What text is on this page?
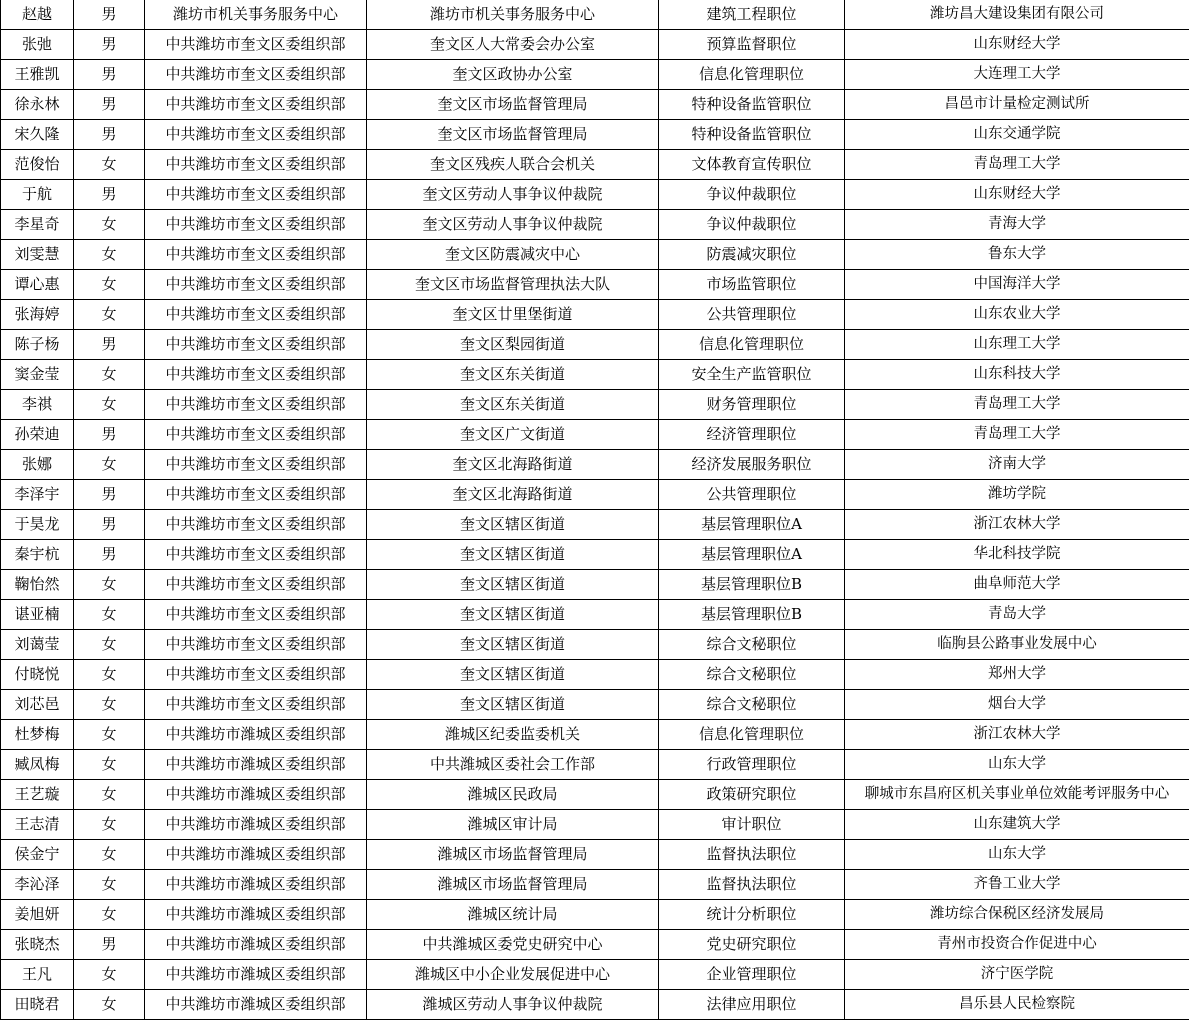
赵越	男	潍坊市机关事务服务中心	潍坊市机关事务服务中心	建筑工程职位	潍坊昌大建设集团有限公司
张弛	男	中共潍坊市奎文区委组织部	奎文区人大常委会办公室	预算监督职位	山东财经大学
王雅凯	男	中共潍坊市奎文区委组织部	奎文区政协办公室	信息化管理职位	大连理工大学
徐永林	男	中共潍坊市奎文区委组织部	奎文区市场监督管理局	特种设备监管职位	昌邑市计量检定测试所
宋久隆	男	中共潍坊市奎文区委组织部	奎文区市场监督管理局	特种设备监管职位	山东交通学院
范俊怡	女	中共潍坊市奎文区委组织部	奎文区残疾人联合会机关	文体教育宣传职位	青岛理工大学
于航	男	中共潍坊市奎文区委组织部	奎文区劳动人事争议仲裁院	争议仲裁职位	山东财经大学
李星奇	女	中共潍坊市奎文区委组织部	奎文区劳动人事争议仲裁院	争议仲裁职位	青海大学
刘雯慧	女	中共潍坊市奎文区委组织部	奎文区防震减灾中心	防震减灾职位	鲁东大学
谭心惠	女	中共潍坊市奎文区委组织部	奎文区市场监督管理执法大队	市场监管职位	中国海洋大学
张海婷	女	中共潍坊市奎文区委组织部	奎文区廿里堡街道	公共管理职位	山东农业大学
陈子杨	男	中共潍坊市奎文区委组织部	奎文区梨园街道	信息化管理职位	山东理工大学
窦金莹	女	中共潍坊市奎文区委组织部	奎文区东关街道	安全生产监管职位	山东科技大学
李祺	女	中共潍坊市奎文区委组织部	奎文区东关街道	财务管理职位	青岛理工大学
孙荣迪	男	中共潍坊市奎文区委组织部	奎文区广文街道	经济管理职位	青岛理工大学
张娜	女	中共潍坊市奎文区委组织部	奎文区北海路街道	经济发展服务职位	济南大学
李泽宇	男	中共潍坊市奎文区委组织部	奎文区北海路街道	公共管理职位	潍坊学院
于昊龙	男	中共潍坊市奎文区委组织部	奎文区辖区街道	基层管理职位A	浙江农林大学
秦宇杭	男	中共潍坊市奎文区委组织部	奎文区辖区街道	基层管理职位A	华北科技学院
鞠怡然	女	中共潍坊市奎文区委组织部	奎文区辖区街道	基层管理职位B	曲阜师范大学
谌亚楠	女	中共潍坊市奎文区委组织部	奎文区辖区街道	基层管理职位B	青岛大学
刘蔼莹	女	中共潍坊市奎文区委组织部	奎文区辖区街道	综合文秘职位	临朐县公路事业发展中心
付晓悦	女	中共潍坊市奎文区委组织部	奎文区辖区街道	综合文秘职位	郑州大学
刘芯邑	女	中共潍坊市奎文区委组织部	奎文区辖区街道	综合文秘职位	烟台大学
杜梦梅	女	中共潍坊市潍城区委组织部	潍城区纪委监委机关	信息化管理职位	浙江农林大学
臧凤梅	女	中共潍坊市潍城区委组织部	中共潍城区委社会工作部	行政管理职位	山东大学
王艺璇	女	中共潍坊市潍城区委组织部	潍城区民政局	政策研究职位	聊城市东昌府区机关事业单位效能考评服务中心
王志清	女	中共潍坊市潍城区委组织部	潍城区审计局	审计职位	山东建筑大学
侯金宁	女	中共潍坊市潍城区委组织部	潍城区市场监督管理局	监督执法职位	山东大学
李沁泽	女	中共潍坊市潍城区委组织部	潍城区市场监督管理局	监督执法职位	齐鲁工业大学
姜旭妍	女	中共潍坊市潍城区委组织部	潍城区统计局	统计分析职位	潍坊综合保税区经济发展局
张晓杰	男	中共潍坊市潍城区委组织部	中共潍城区委党史研究中心	党史研究职位	青州市投资合作促进中心
王凡	女	中共潍坊市潍城区委组织部	潍城区中小企业发展促进中心	企业管理职位	济宁医学院
田晓君	女	中共潍坊市潍城区委组织部	潍城区劳动人事争议仲裁院	法律应用职位	昌乐县人民检察院
